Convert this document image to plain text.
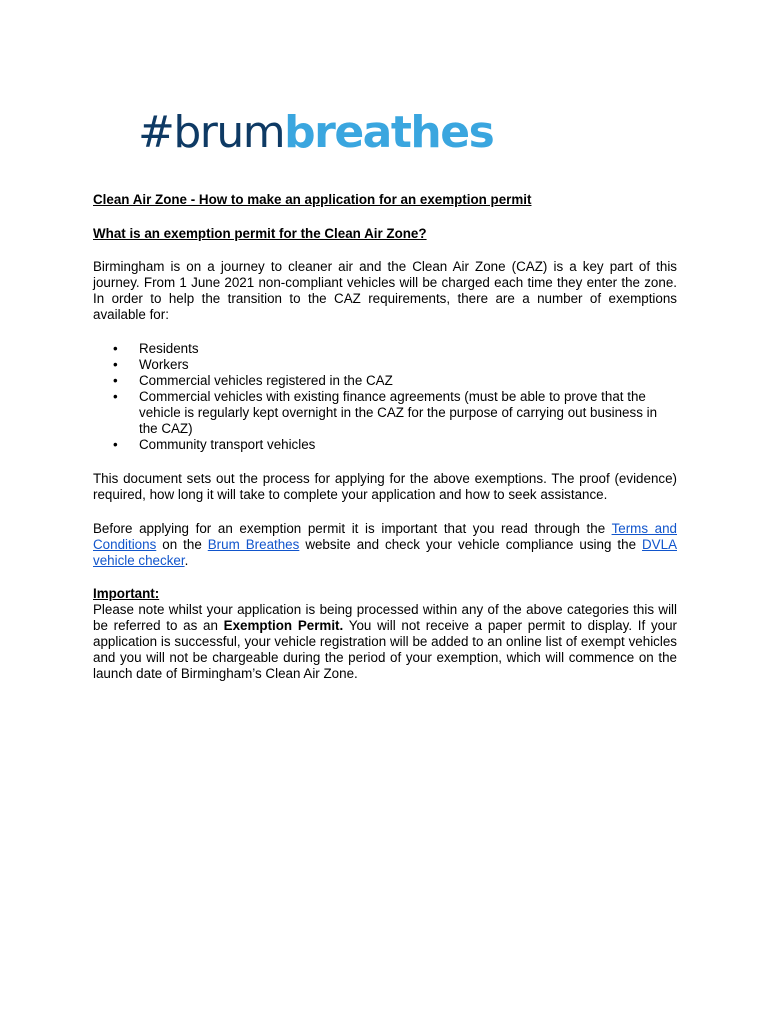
#brumbreathes

Clean Air Zone - How to make an application for an exemption permit

What is an exemption permit for the Clean Air Zone?

Birmingham is on a journey to cleaner air and the Clean Air Zone (CAZ) is a key part of this journey. From 1 June 2021 non-compliant vehicles will be charged each time they enter the zone. In order to help the transition to the CAZ requirements, there are a number of exemptions available for:

• Residents
• Workers
• Commercial vehicles registered in the CAZ
• Commercial vehicles with existing finance agreements (must be able to prove that the vehicle is regularly kept overnight in the CAZ for the purpose of carrying out business in the CAZ)
• Community transport vehicles

This document sets out the process for applying for the above exemptions. The proof (evidence) required, how long it will take to complete your application and how to seek assistance.

Before applying for an exemption permit it is important that you read through the Terms and Conditions on the Brum Breathes website and check your vehicle compliance using the DVLA vehicle checker.

Important:

Please note whilst your application is being processed within any of the above categories this will be referred to as an Exemption Permit. You will not receive a paper permit to display. If your application is successful, your vehicle registration will be added to an online list of exempt vehicles and you will not be chargeable during the period of your exemption, which will commence on the launch date of Birmingham’s Clean Air Zone.
